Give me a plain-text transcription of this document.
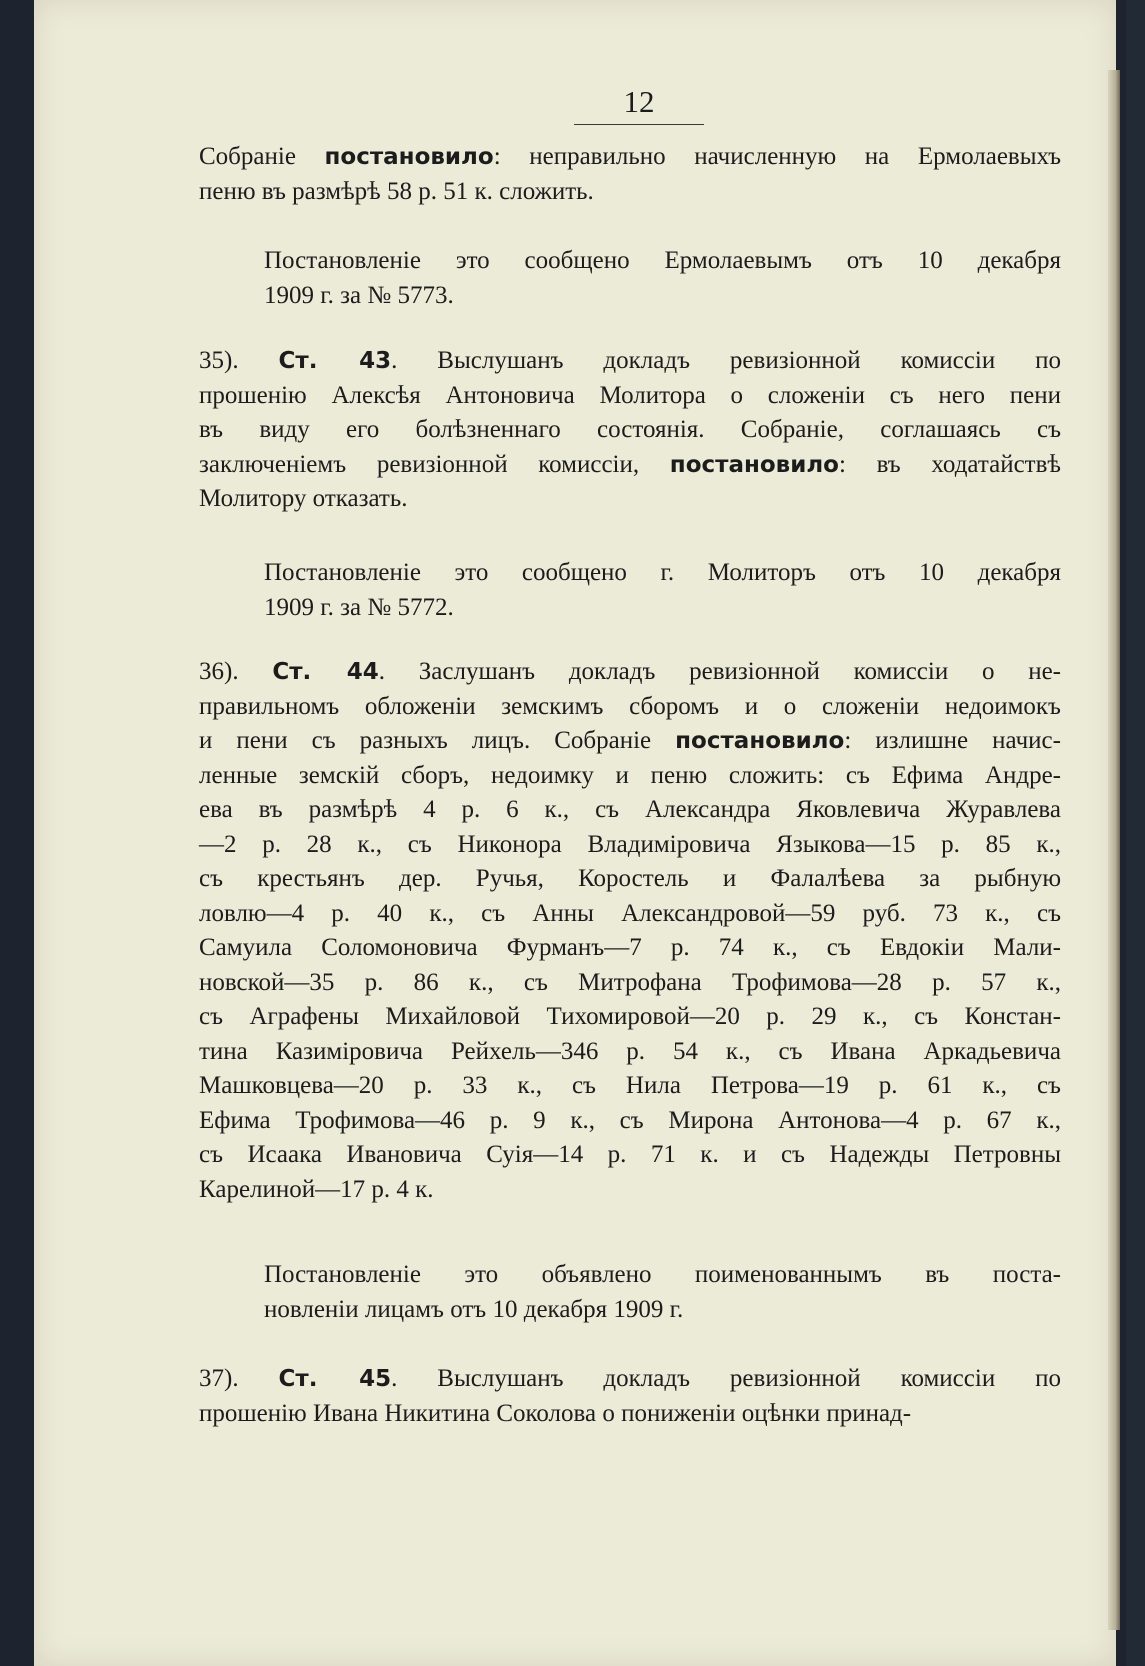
12
Собраніе постановило: неправильно начисленную на Ермолаевыхъ
пеню въ размѣрѣ 58 р. 51 к. сложить.
Постановленіе это сообщено Ермолаевымъ отъ 10 декабря
1909 г. за № 5773.
35). Ст. 43. Выслушанъ докладъ ревизіонной комиссіи по
прошенію Алексѣя Антоновича Молитора о сложеніи съ него пени
въ виду его болѣзненнаго состоянія. Собраніе, соглашаясь съ
заключеніемъ ревизіонной комиссіи, постановило: въ ходатайствѣ
Молитору отказать.
Постановленіе это сообщено г. Молиторъ отъ 10 декабря
1909 г. за № 5772.
36). Ст. 44. Заслушанъ докладъ ревизіонной комиссіи о не-
правильномъ обложеніи земскимъ сборомъ и о сложеніи недоимокъ
и пени съ разныхъ лицъ. Собраніе постановило: излишне начис-
ленные земскій сборъ, недоимку и пеню сложить: съ Ефима Андре-
ева въ размѣрѣ 4 р. 6 к., съ Александра Яковлевича Журавлева
—2 р. 28 к., съ Никонора Владиміровича Языкова—15 р. 85 к.,
съ крестьянъ дер. Ручья, Коростель и Фалалѣева за рыбную
ловлю—4 р. 40 к., съ Анны Александровой—59 руб. 73 к., съ
Самуила Соломоновича Фурманъ—7 р. 74 к., съ Евдокіи Мали-
новской—35 р. 86 к., съ Митрофана Трофимова—28 р. 57 к.,
съ Аграфены Михайловой Тихомировой—20 р. 29 к., съ Констан-
тина Казиміровича Рейхель—346 р. 54 к., съ Ивана Аркадьевича
Машковцева—20 р. 33 к., съ Нила Петрова—19 р. 61 к., съ
Ефима Трофимова—46 р. 9 к., съ Мирона Антонова—4 р. 67 к.,
съ Исаака Ивановича Суія—14 р. 71 к. и съ Надежды Петровны
Карелиной—17 р. 4 к.
Постановленіе это объявлено поименованнымъ въ поста-
новленіи лицамъ отъ 10 декабря 1909 г.
37). Ст. 45. Выслушанъ докладъ ревизіонной комиссіи по
прошенію Ивана Никитина Соколова о пониженіи оцѣнки принад-
